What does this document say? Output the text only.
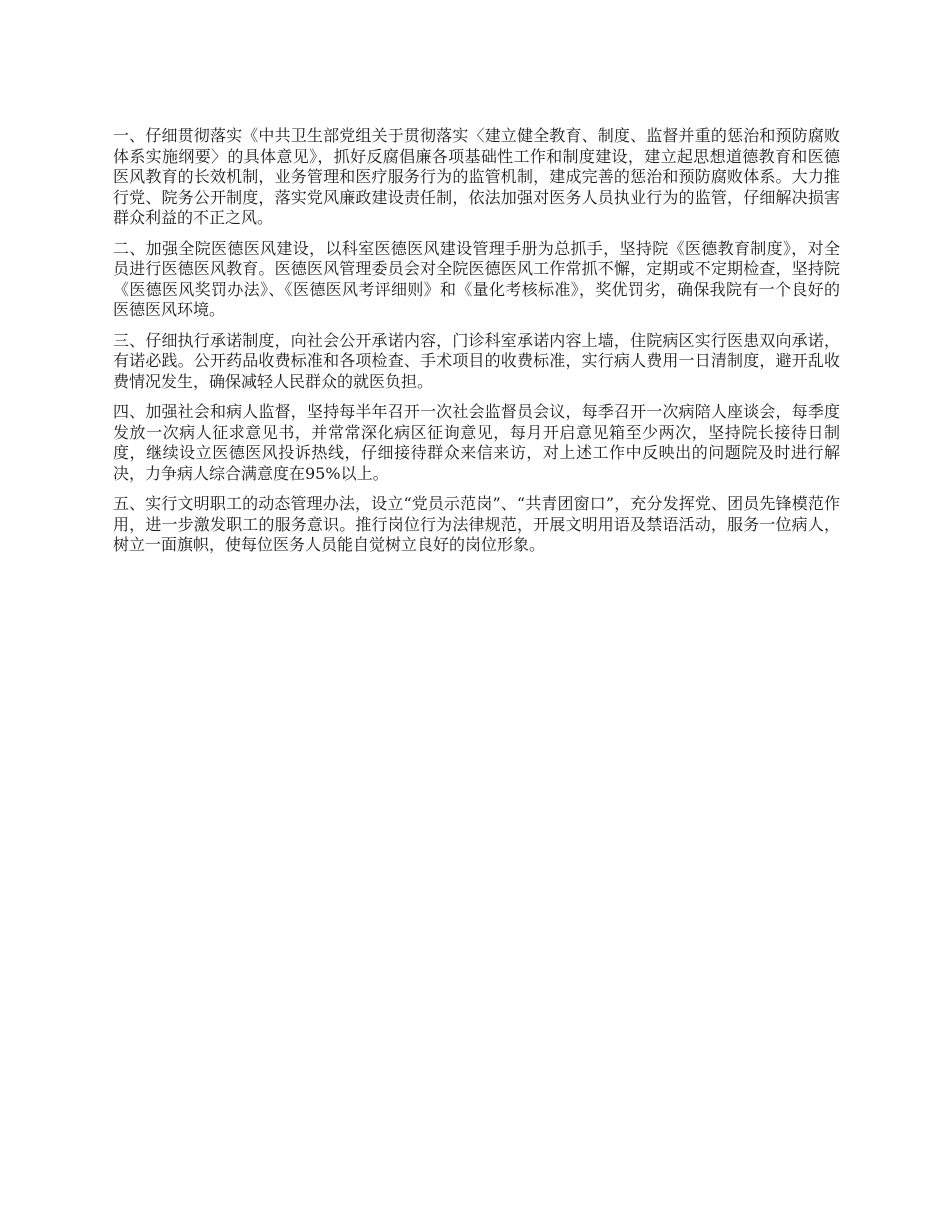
一、仔细贯彻落实《中共卫生部党组关于贯彻落实〈建立健全教育、制度、监督并重的惩治和预防腐败体系实施纲要〉的具体意见》，抓好反腐倡廉各项基础性工作和制度建设，建立起思想道德教育和医德医风教育的长效机制，业务管理和医疗服务行为的监管机制，建成完善的惩治和预防腐败体系。大力推行党、院务公开制度，落实党风廉政建设责任制，依法加强对医务人员执业行为的监管，仔细解决损害群众利益的不正之风。

二、加强全院医德医风建设，以科室医德医风建设管理手册为总抓手，坚持院《医德教育制度》，对全员进行医德医风教育。医德医风管理委员会对全院医德医风工作常抓不懈，定期或不定期检查，坚持院《医德医风奖罚办法》、《医德医风考评细则》和《量化考核标准》，奖优罚劣，确保我院有一个良好的医德医风环境。

三、仔细执行承诺制度，向社会公开承诺内容，门诊科室承诺内容上墙，住院病区实行医患双向承诺，有诺必践。公开药品收费标准和各项检查、手术项目的收费标准，实行病人费用一日清制度，避开乱收费情况发生，确保减轻人民群众的就医负担。

四、加强社会和病人监督，坚持每半年召开一次社会监督员会议，每季召开一次病陪人座谈会，每季度发放一次病人征求意见书，并常常深化病区征询意见，每月开启意见箱至少两次，坚持院长接待日制度，继续设立医德医风投诉热线，仔细接待群众来信来访，对上述工作中反映出的问题院及时进行解决，力争病人综合满意度在95%以上。

五、实行文明职工的动态管理办法，设立“党员示范岗”、“共青团窗口”，充分发挥党、团员先锋模范作用，进一步激发职工的服务意识。推行岗位行为法律规范，开展文明用语及禁语活动，服务一位病人，树立一面旗帜，使每位医务人员能自觉树立良好的岗位形象。
